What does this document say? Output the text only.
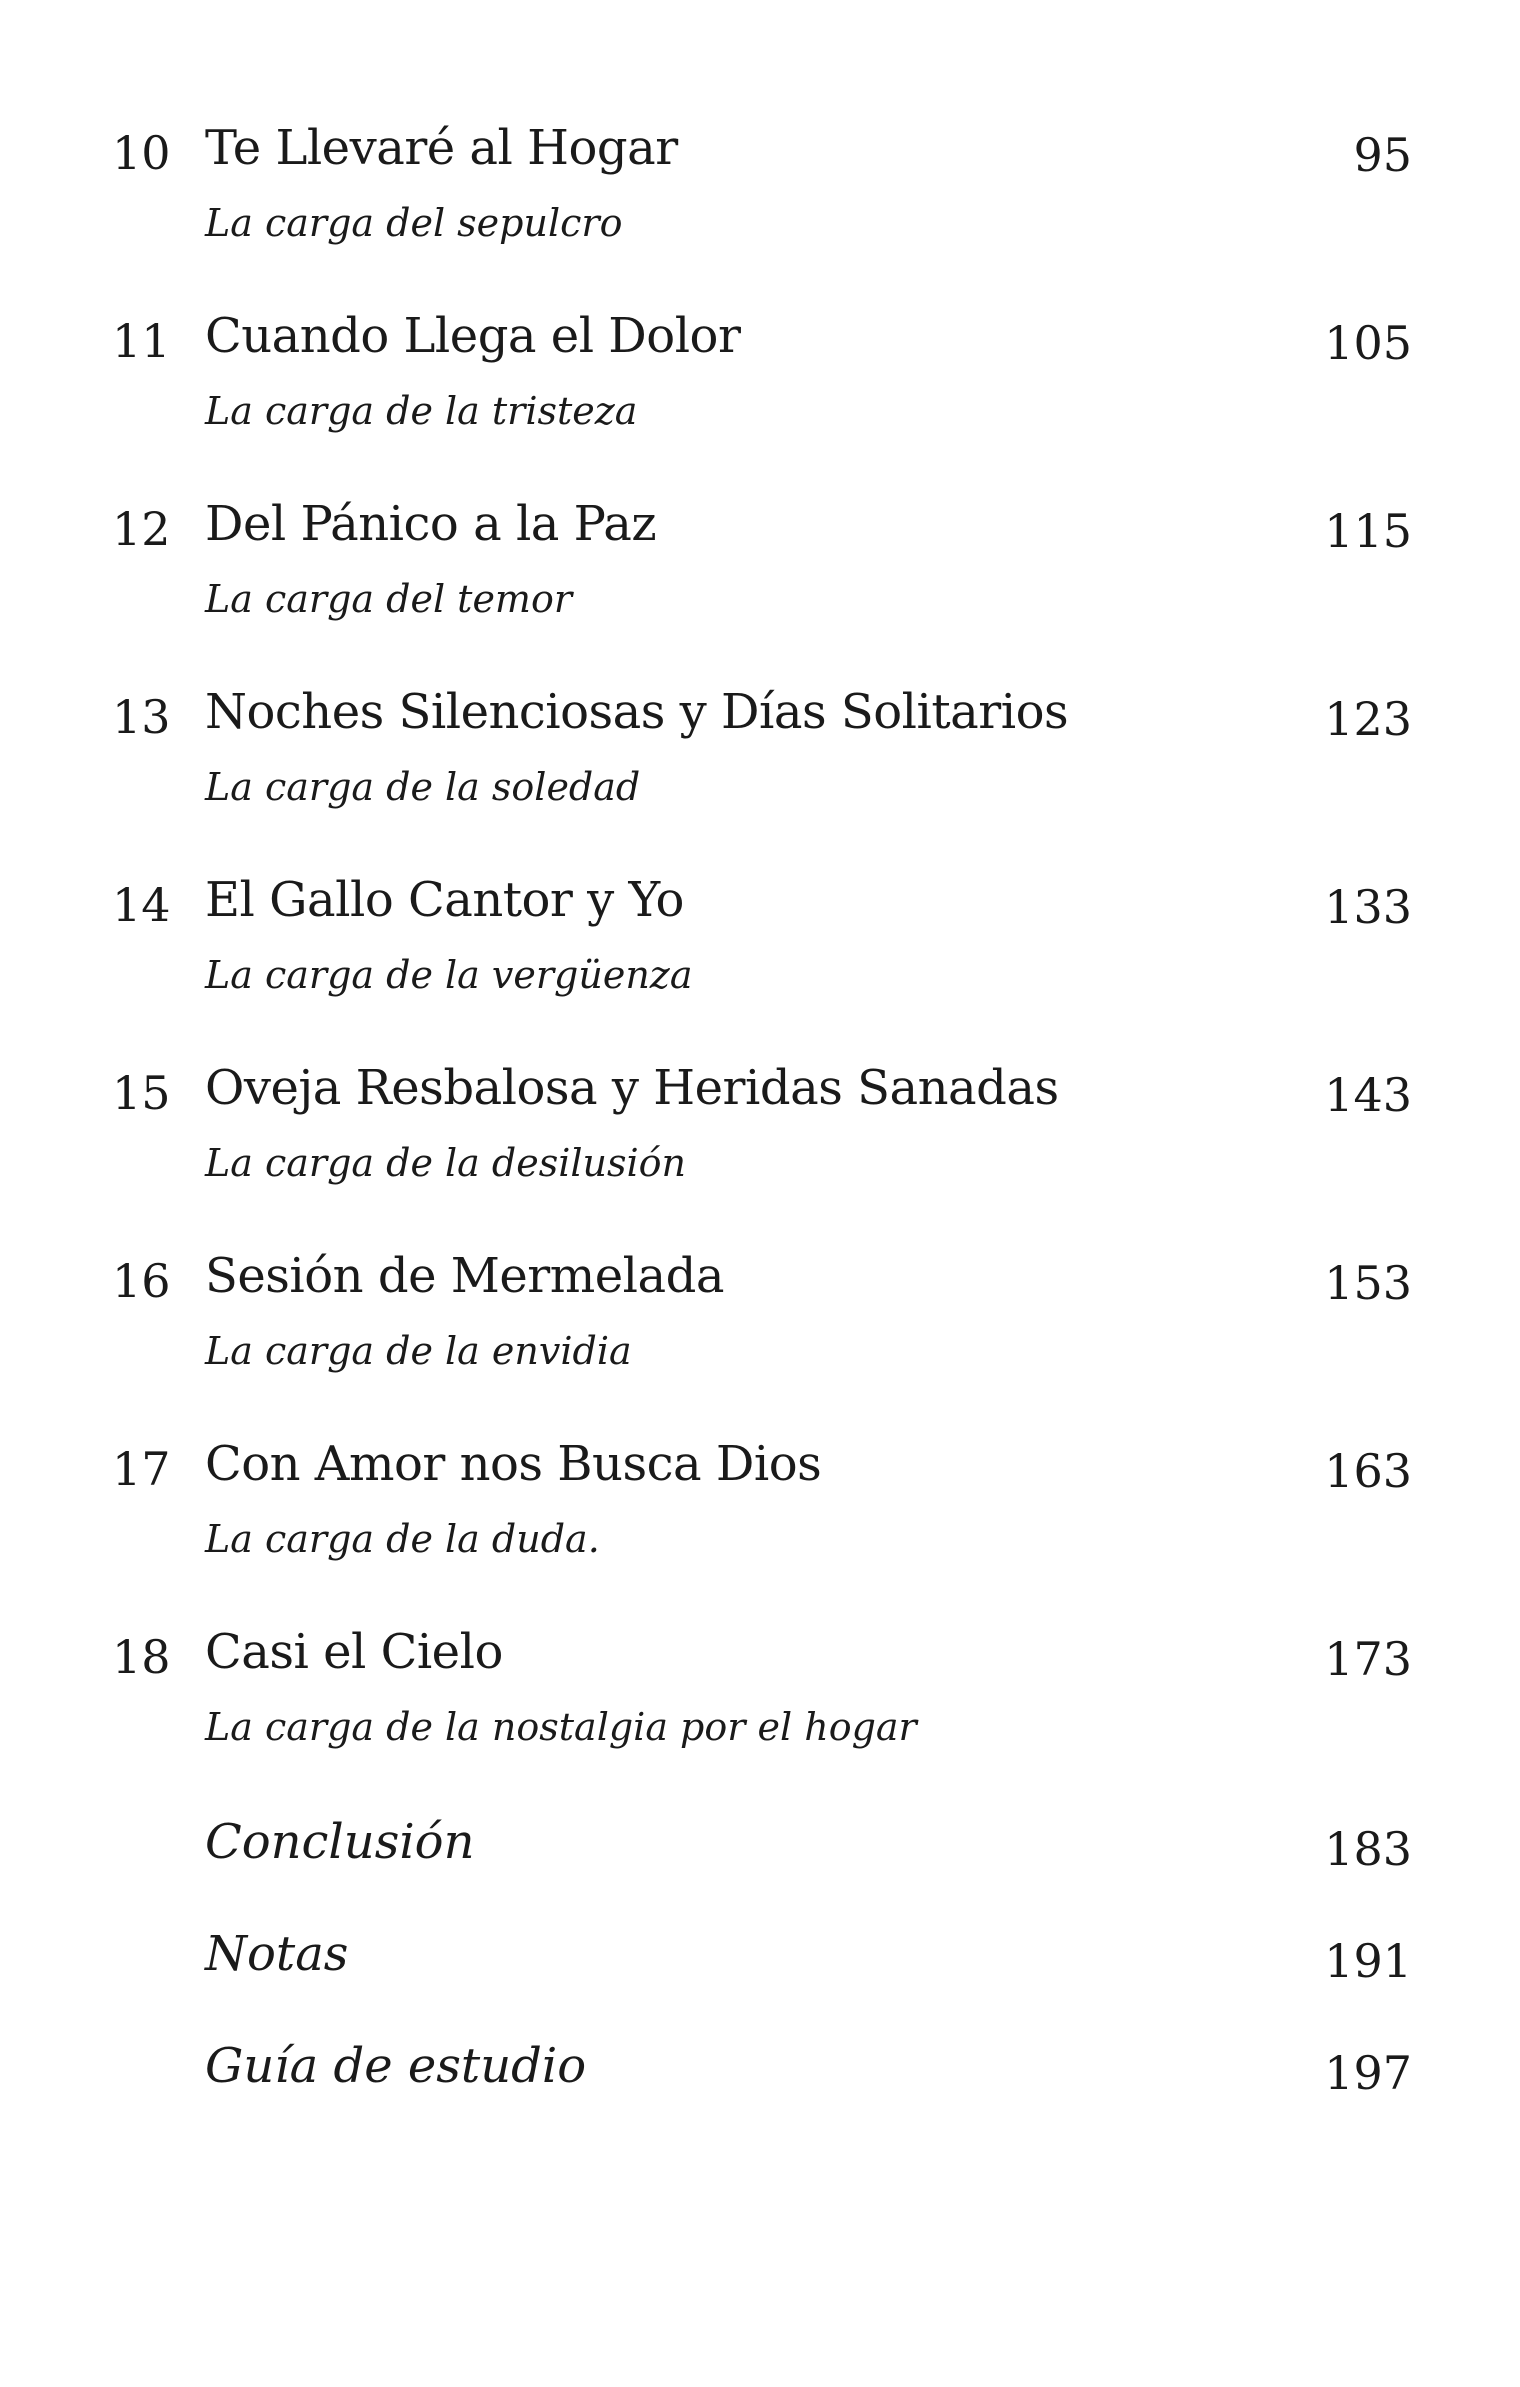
10 Te Llevaré al Hogar	95
La carga del sepulcro
11 Cuando Llega el Dolor	105
La carga de la tristeza
12 Del Pánico a la Paz	115
La carga del temor
13 Noches Silenciosas y Días Solitarios	123
La carga de la soledad
14 El Gallo Cantor y Yo	133
La carga de la vergüenza
15 Oveja Resbalosa y Heridas Sanadas	143
La carga de la desilusión
16 Sesión de Mermelada	153
La carga de la envidia
17 Con Amor nos Busca Dios	163
La carga de la duda.
18 Casi el Cielo	173
La carga de la nostalgia por el hogar
Conclusión	183
Notas	191
Guía de estudio	197
